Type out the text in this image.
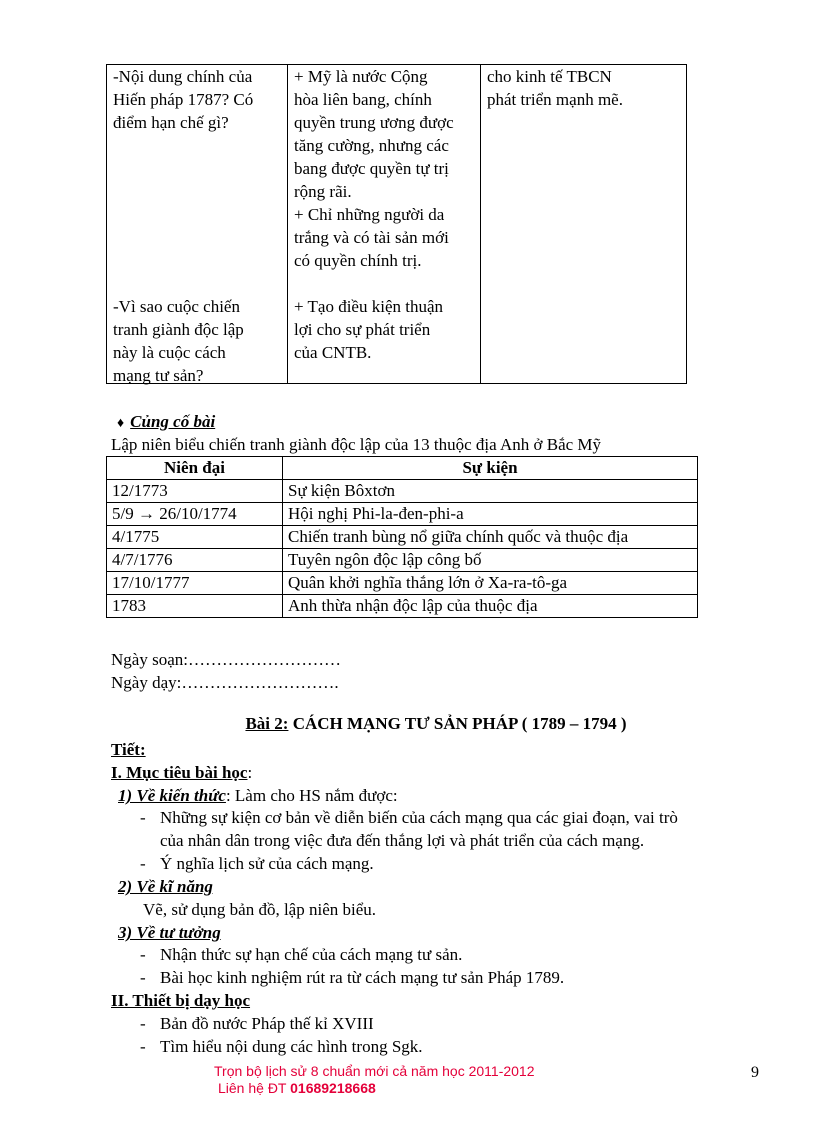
-Nội dung chính của
Hiến pháp 1787? Có
điểm hạn chế gì?
-Vì sao cuộc chiến
tranh giành độc lập
này là cuộc cách
mạng tư sản?

+ Mỹ là nước Cộng
hòa liên bang, chính
quyền trung ương được
tăng cường, nhưng các
bang được quyền tự trị
rộng rãi.
+ Chỉ những người da
trắng và có tài sản mới
có quyền chính trị.
+ Tạo điều kiện thuận
lợi cho sự phát triển
của CNTB.

cho kinh tế TBCN
phát triển mạnh mẽ.
♦ Củng cố bài
Lập niên biểu chiến tranh giành độc lập của 13 thuộc địa Anh ở Bắc Mỹ
Niên đại	Sự kiện
12/1773	Sự kiện Bôxtơn
5/9 → 26/10/1774	Hội nghị Phi-la-đen-phi-a
4/1775	Chiến tranh bùng nổ giữa chính quốc và thuộc địa
4/7/1776	Tuyên ngôn độc lập công bố
17/10/1777	Quân khởi nghĩa thắng lớn ở Xa-ra-tô-ga
1783	Anh thừa nhận độc lập của thuộc địa
Ngày soạn:………………………
Ngày dạy:……………………….
Bài 2: CÁCH MẠNG TƯ SẢN PHÁP ( 1789 – 1794 )
Tiết:
I. Mục tiêu bài học:
1) Về kiến thức: Làm cho HS nắm được:
- Những sự kiện cơ bản về diễn biến của cách mạng qua các giai đoạn, vai trò
của nhân dân trong việc đưa đến thắng lợi và phát triển của cách mạng.
- Ý nghĩa lịch sử của cách mạng.
2) Về kĩ năng
Vẽ, sử dụng bản đồ, lập niên biểu.
3) Về tư tưởng
- Nhận thức sự hạn chế của cách mạng tư sản.
- Bài học kinh nghiệm rút ra từ cách mạng tư sản Pháp 1789.
II. Thiết bị dạy học
- Bản đồ nước Pháp thế kỉ XVIII
- Tìm hiểu nội dung các hình trong Sgk.
Trọn bộ lịch sử 8 chuẩn mới cả năm học 2011-2012
Liên hệ ĐT 01689218668
9
